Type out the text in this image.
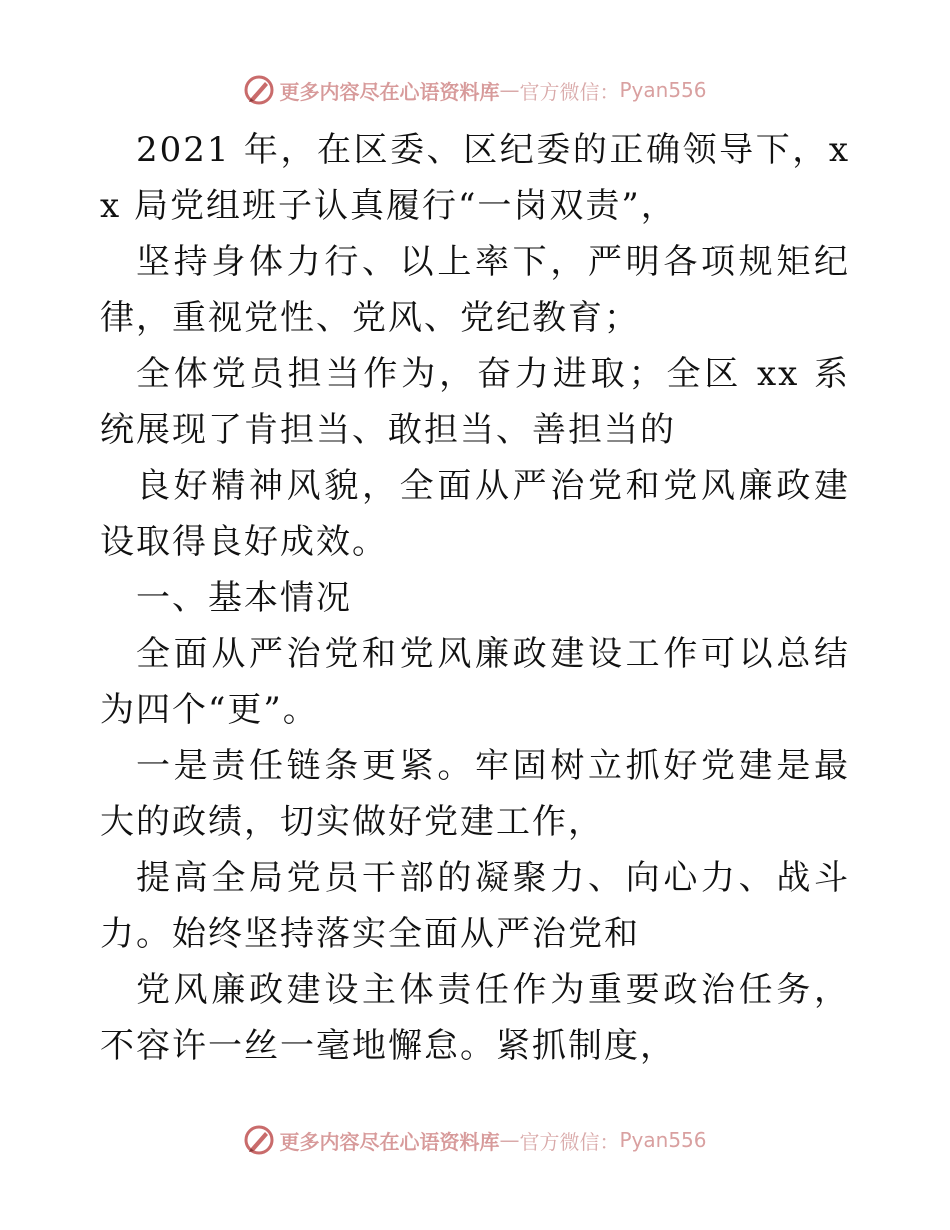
更多内容尽在心语资料库 — 官方微信： Pyan556

2021 年，在区委、区纪委的正确领导下，xx 局党组班子认真履行“一岗双责”，

坚持身体力行、以上率下，严明各项规矩纪律，重视党性、党风、党纪教育；

全体党员担当作为，奋力进取；全区 xx 系统展现了肯担当、敢担当、善担当的

良好精神风貌，全面从严治党和党风廉政建设取得良好成效。

一、基本情况

全面从严治党和党风廉政建设工作可以总结为四个“更”。

一是责任链条更紧。牢固树立抓好党建是最大的政绩，切实做好党建工作，

提高全局党员干部的凝聚力、向心力、战斗力。始终坚持落实全面从严治党和

党风廉政建设主体责任作为重要政治任务，不容许一丝一毫地懈怠。紧抓制度，

更多内容尽在心语资料库 — 官方微信： Pyan556
